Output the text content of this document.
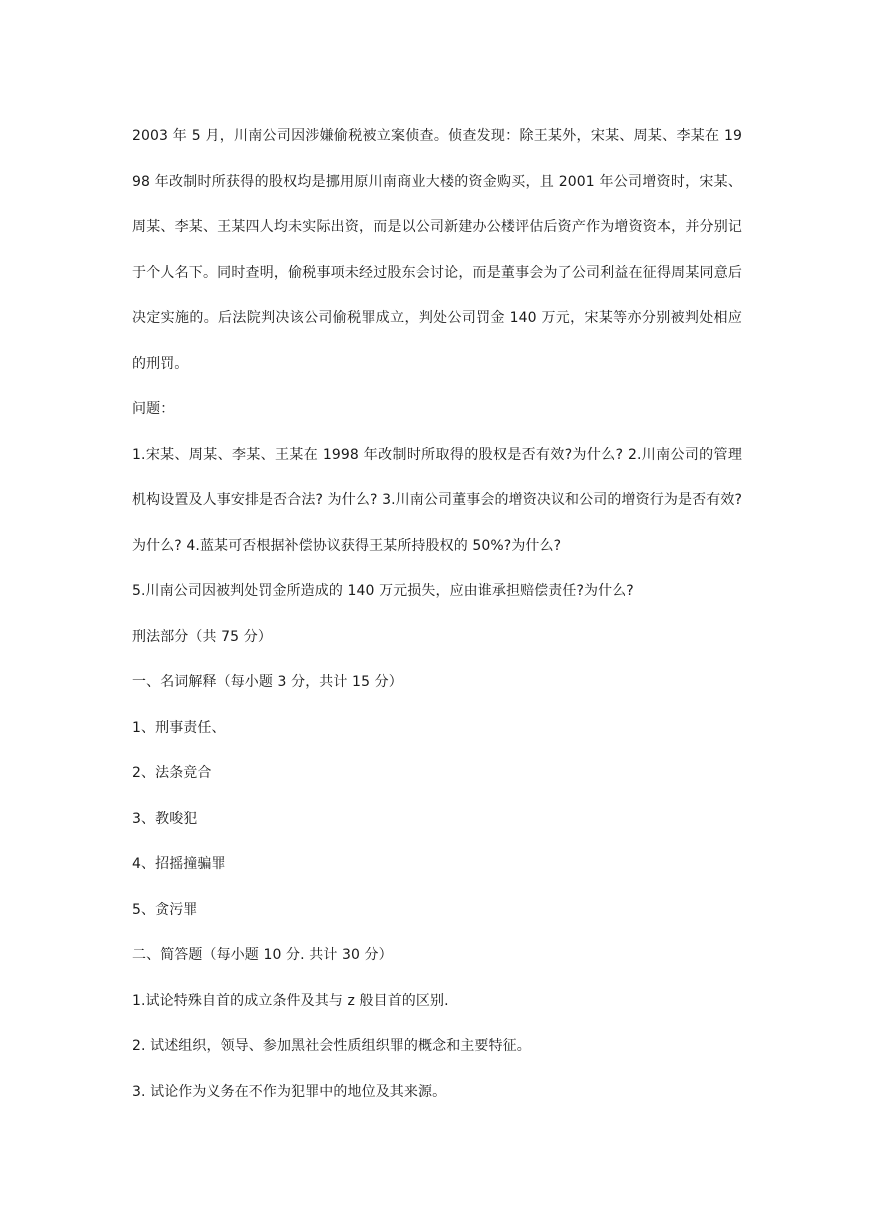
2003 年 5 月，川南公司因涉嫌偷税被立案侦查。侦查发现：除王某外，宋某、周某、李某在 1998 年改制时所获得的股权均是挪用原川南商业大楼的资金购买，且 2001 年公司增资时，宋某、周某、李某、王某四人均未实际出资，而是以公司新建办公楼评估后资产作为增资资本，并分别记于个人名下。同时查明，偷税事项未经过股东会讨论，而是董事会为了公司利益在征得周某同意后决定实施的。后法院判决该公司偷税罪成立，判处公司罚金 140 万元，宋某等亦分别被判处相应的刑罚。

问题：

1.宋某、周某、李某、王某在 1998 年改制时所取得的股权是否有效?为什么? 2.川南公司的管理机构设置及人事安排是否合法? 为什么? 3.川南公司董事会的增资决议和公司的增资行为是否有效?为什么? 4.蓝某可否根据补偿协议获得王某所持股权的 50%?为什么?

5.川南公司因被判处罚金所造成的 140 万元损失，应由谁承担赔偿责任?为什么?

刑法部分（共 75 分）

一、名词解释（每小题 3 分，共计 15 分）

1、刑事责任、

2、法条竞合

3、教唆犯

4、招摇撞骗罪

5、贪污罪

二、简答题（每小题 10 分. 共计 30 分）

1.试论特殊自首的成立条件及其与 z 般目首的区别.

2. 试述组织，领导、参加黑社会性质组织罪的概念和主要特征。

3. 试论作为义务在不作为犯罪中的地位及其来源。
